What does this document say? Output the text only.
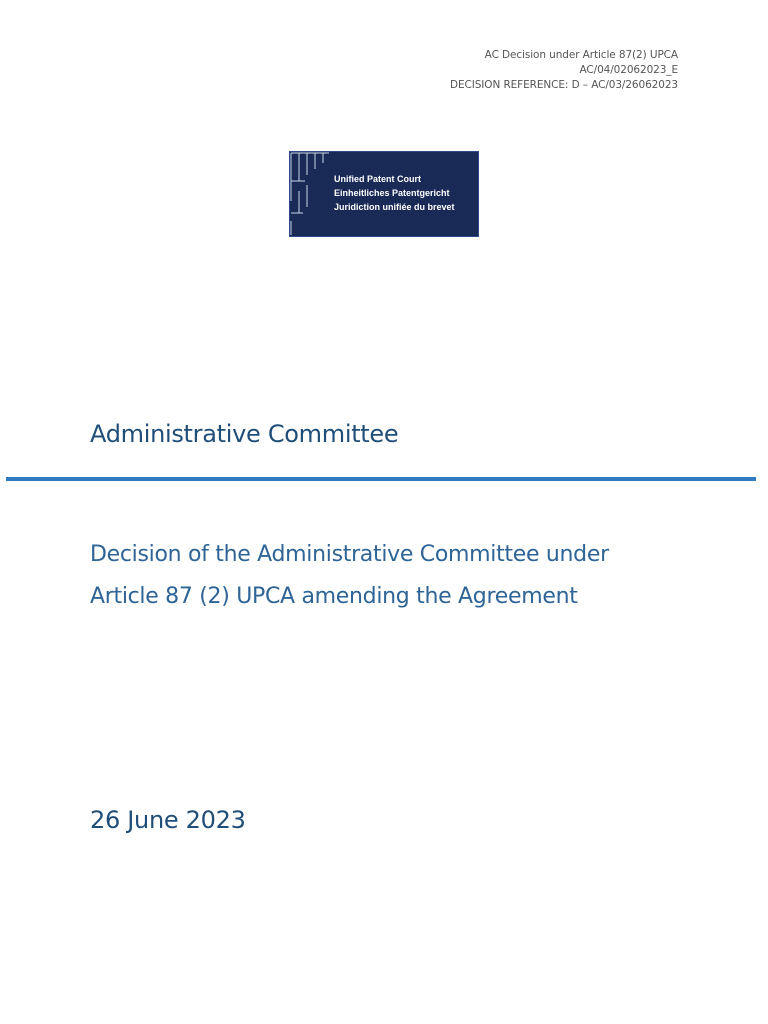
AC Decision under Article 87(2) UPCA
AC/04/02062023_E
DECISION REFERENCE: D – AC/03/26062023
Unified Patent Court
Einheitliches Patentgericht
Juridiction unifiée du brevet
Administrative Committee
Decision of the Administrative Committee under
Article 87 (2) UPCA amending the Agreement
26 June 2023
